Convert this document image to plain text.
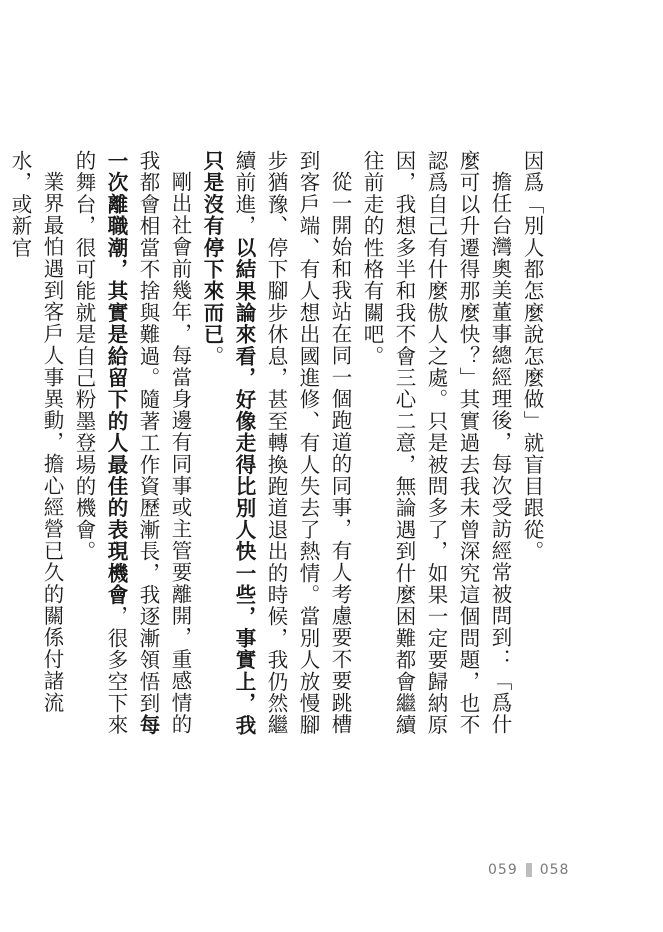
因爲「別人都怎麼說怎麼做」就盲目跟從。

擔任台灣奧美董事總經理後，每次受訪經常被問到：「爲什麼可以升遷得那麼快？」其實過去我未曾深究這個問題，也不認爲自己有什麼傲人之處。只是被問多了，如果一定要歸納原因，我想多半和我不會三心二意，無論遇到什麼困難都會繼續往前走的性格有關吧。

從一開始和我站在同一個跑道的同事，有人考慮要不要跳槽到客戶端、有人想出國進修、有人失去了熱情。當別人放慢腳步猶豫、停下腳步休息，甚至轉換跑道退出的時候，我仍然繼續前進，以結果論來看，好像走得比別人快一些，事實上，我只是沒有停下來而已。

剛出社會前幾年，每當身邊有同事或主管要離開，重感情的我都會相當不捨與難過。隨著工作資歷漸長，我逐漸領悟到每一次離職潮，其實是給留下的人最佳的表現機會，很多空下來的舞台，很可能就是自己粉墨登場的機會。

業界最怕遇到客戶人事異動，擔心經營已久的關係付諸流水，或新官

059 058
